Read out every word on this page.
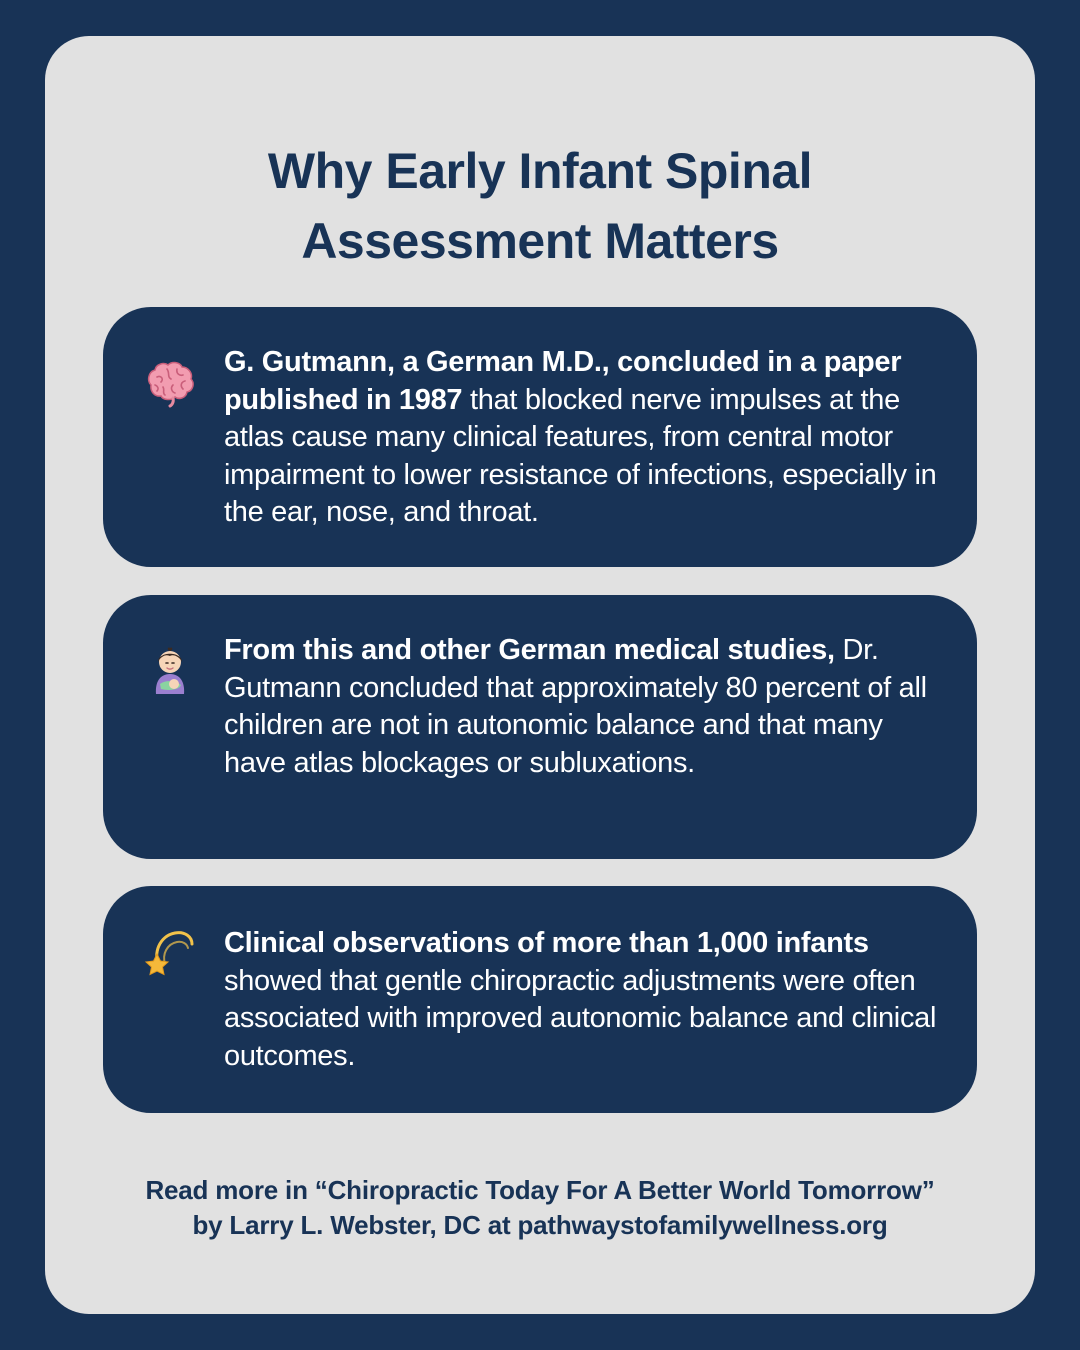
Why Early Infant Spinal
Assessment Matters
G. Gutmann, a German M.D., concluded in a paper published in 1987 that blocked nerve impulses at the atlas cause many clinical features, from central motor impairment to lower resistance of infections, especially in the ear, nose, and throat.
From this and other German medical studies, Dr. Gutmann concluded that approximately 80 percent of all children are not in autonomic balance and that many have atlas blockages or subluxations.
Clinical observations of more than 1,000 infants showed that gentle chiropractic adjustments were often associated with improved autonomic balance and clinical outcomes.
Read more in “Chiropractic Today For A Better World Tomorrow”
by Larry L. Webster, DC at pathwaystofamilywellness.org
